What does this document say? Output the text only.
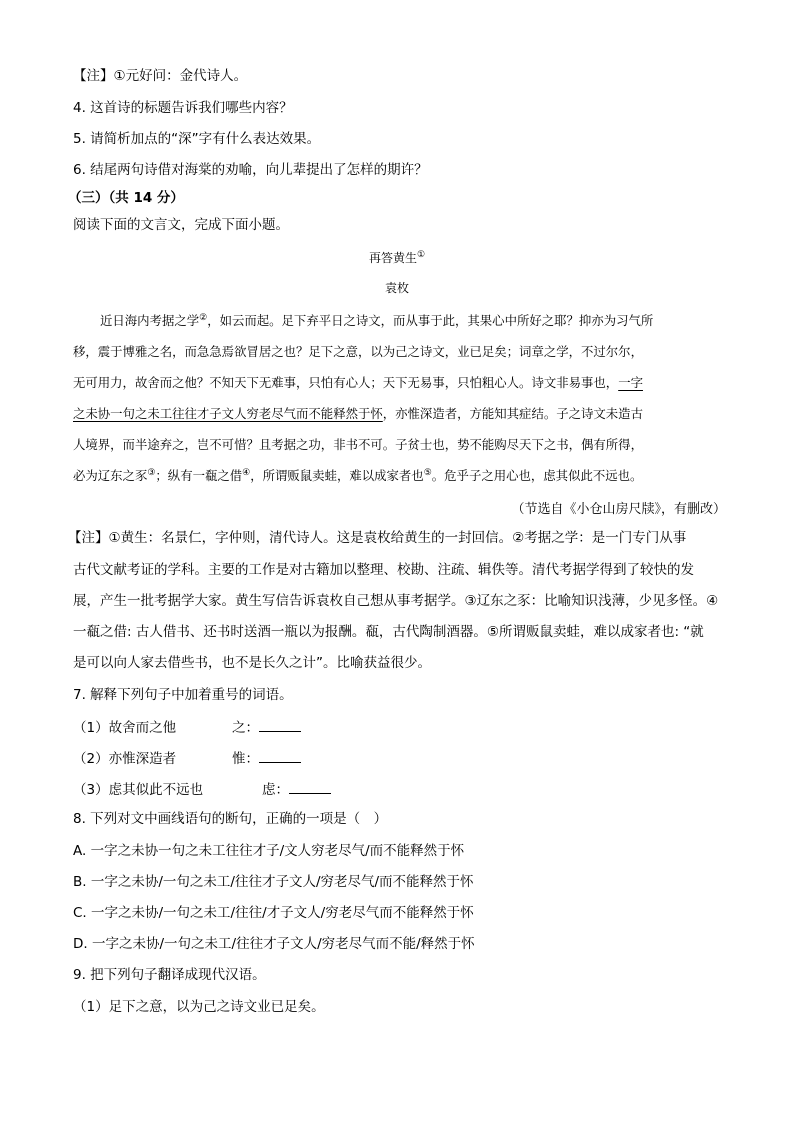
【注】①元好问：金代诗人。
4. 这首诗的标题告诉我们哪些内容？
5. 请简析加点的“深”字有什么表达效果。
6. 结尾两句诗借对海棠的劝喻，向儿辈提出了怎样的期许？
（三）（共 14 分）
阅读下面的文言文，完成下面小题。
再答黄生①
袁枚
近日海内考据之学②，如云而起。足下弃平日之诗文，而从事于此，其果心中所好之耶？抑亦为习气所
移，震于博雅之名，而急急焉欲冒居之也？足下之意，以为己之诗文，业已足矣；词章之学，不过尔尔，
无可用力，故舍而之他？不知天下无难事，只怕有心人；天下无易事，只怕粗心人。诗文非易事也，一字
之未协一句之未工往往才子文人穷老尽气而不能释然于怀，亦惟深造者，方能知其症结。子之诗文未造古
人境界，而半途弃之，岂不可惜？且考据之功，非书不可。子贫士也，势不能购尽天下之书，偶有所得，
必为辽东之豕③；纵有一瓻之借④，所谓贩鼠卖蛙，难以成家者也⑤。危乎子之用心也，虑其似此不远也。
（节选自《小仓山房尺牍》，有删改）
【注】①黄生：名景仁，字仲则，清代诗人。这是袁枚给黄生的一封回信。②考据之学：是一门专门从事
古代文献考证的学科。主要的工作是对古籍加以整理、校勘、注疏、辑佚等。清代考据学得到了较快的发
展，产生一批考据学大家。黄生写信告诉袁枚自己想从事考据学。③辽东之豕：比喻知识浅薄，少见多怪。④
一瓻之借: 古人借书、还书时送酒一瓶以为报酬。瓻，古代陶制酒器。⑤所谓贩鼠卖蛙，难以成家者也: “就
是可以向人家去借些书，也不是长久之计”。比喻获益很少。
7. 解释下列句子中加着重号的词语。
（1）故舍而之他	之：
（2）亦惟深造者	惟：
（3）虑其似此不远也	虑：
8. 下列对文中画线语句的断句，正确的一项是（　）
A. 一字之未协一句之未工往往才子/文人穷老尽气/而不能释然于怀
B. 一字之未协/一句之未工/往往才子文人/穷老尽气/而不能释然于怀
C. 一字之未协/一句之未工/往往/才子文人/穷老尽气而不能释然于怀
D. 一字之未协/一句之未工/往往才子文人/穷老尽气而不能/释然于怀
9. 把下列句子翻译成现代汉语。
（1）足下之意，以为己之诗文业已足矣。
